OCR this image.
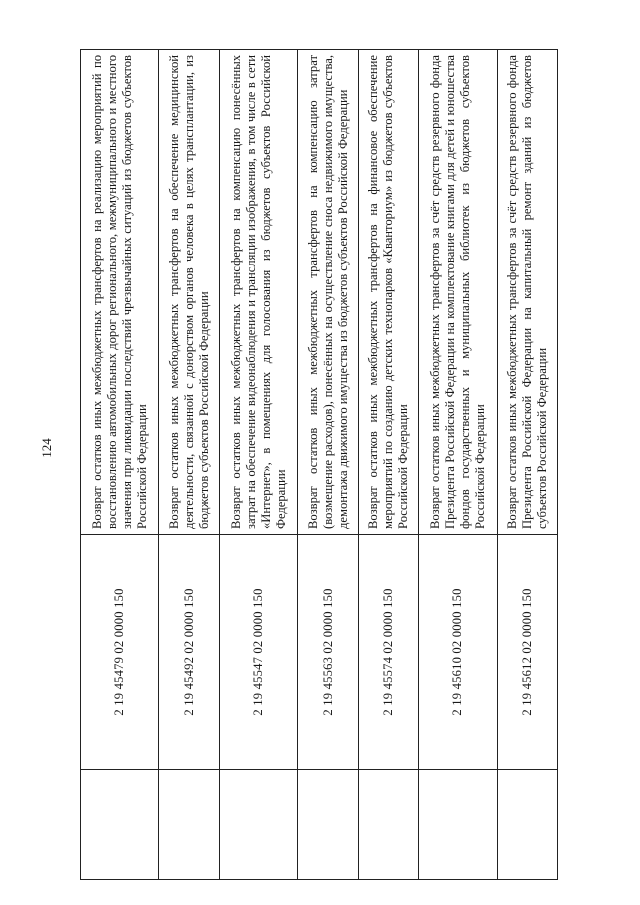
124
	2 19 45479 02 0000 150	Возврат остатков иных межбюджетных трансфертов на реализацию мероприятий по восстановлению автомобильных дорог регионального, межмуниципального и местного значения при ликвидации последствий чрезвычайных ситуаций из бюджетов субъектов Российской Федерации
	2 19 45492 02 0000 150	Возврат остатков иных межбюджетных трансфертов на обеспечение медицинской деятельности, связанной с донорством органов человека в целях трансплантации, из бюджетов субъектов Российской Федерации
	2 19 45547 02 0000 150	Возврат остатков иных межбюджетных трансфертов на компенсацию понесённых затрат на обеспечение видеонаблюдения и трансляции изображения, в том числе в сети «Интернет», в помещениях для голосования из бюджетов субъектов Российской Федерации
	2 19 45563 02 0000 150	Возврат остатков иных межбюджетных трансфертов на компенсацию затрат (возмещение расходов), понесённых на осуществление сноса недвижимого имущества, демонтажа движимого имущества из бюджетов субъектов Российской Федерации
	2 19 45574 02 0000 150	Возврат остатков иных межбюджетных трансфертов на финансовое обеспечение мероприятий по созданию детских технопарков «Кванториум» из бюджетов субъектов Российской Федерации
	2 19 45610 02 0000 150	Возврат остатков иных межбюджетных трансфертов за счёт средств резервного фонда Президента Российской Федерации на комплектование книгами для детей и юношества фондов государственных и муниципальных библиотек из бюджетов субъектов Российской Федерации
	2 19 45612 02 0000 150	Возврат остатков иных межбюджетных трансфертов за счёт средств резервного фонда Президента Российской Федерации на капитальный ремонт зданий из бюджетов субъектов Российской Федерации
